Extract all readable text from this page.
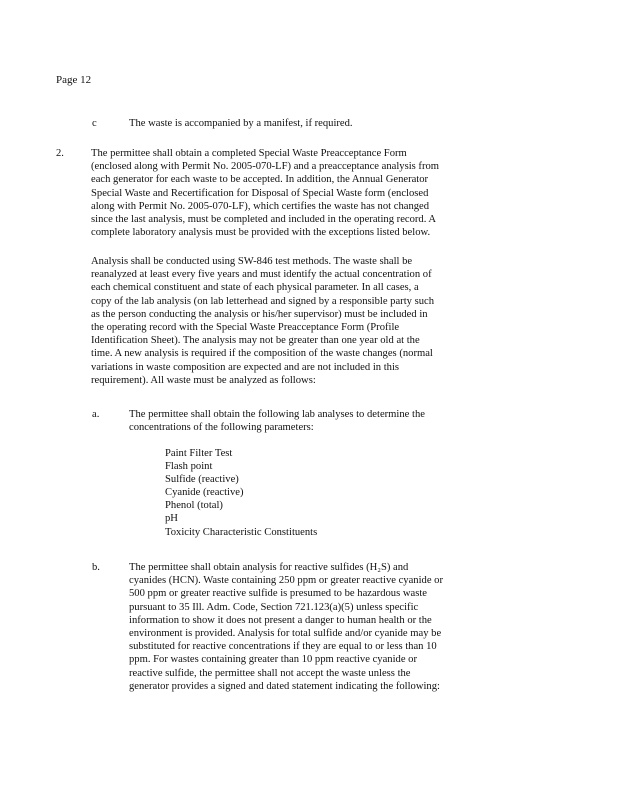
Page 12
c	The waste is accompanied by a manifest, if required.
2.	The permittee shall obtain a completed Special Waste Preacceptance Form
(enclosed along with Permit No. 2005-070-LF) and a preacceptance analysis from
each generator for each waste to be accepted. In addition, the Annual Generator
Special Waste and Recertification for Disposal of Special Waste form (enclosed
along with Permit No. 2005-070-LF), which certifies the waste has not changed
since the last analysis, must be completed and included in the operating record. A
complete laboratory analysis must be provided with the exceptions listed below.
Analysis shall be conducted using SW-846 test methods. The waste shall be
reanalyzed at least every five years and must identify the actual concentration of
each chemical constituent and state of each physical parameter. In all cases, a
copy of the lab analysis (on lab letterhead and signed by a responsible party such
as the person conducting the analysis or his/her supervisor) must be included in
the operating record with the Special Waste Preacceptance Form (Profile
Identification Sheet). The analysis may not be greater than one year old at the
time. A new analysis is required if the composition of the waste changes (normal
variations in waste composition are expected and are not included in this
requirement). All waste must be analyzed as follows:
a.	The permittee shall obtain the following lab analyses to determine the
concentrations of the following parameters:
Paint Filter Test
Flash point
Sulfide (reactive)
Cyanide (reactive)
Phenol (total)
pH
Toxicity Characteristic Constituents
b.	The permittee shall obtain analysis for reactive sulfides (H₂S) and
cyanides (HCN). Waste containing 250 ppm or greater reactive cyanide or
500 ppm or greater reactive sulfide is presumed to be hazardous waste
pursuant to 35 Ill. Adm. Code, Section 721.123(a)(5) unless specific
information to show it does not present a danger to human health or the
environment is provided. Analysis for total sulfide and/or cyanide may be
substituted for reactive concentrations if they are equal to or less than 10
ppm. For wastes containing greater than 10 ppm reactive cyanide or
reactive sulfide, the permittee shall not accept the waste unless the
generator provides a signed and dated statement indicating the following:
